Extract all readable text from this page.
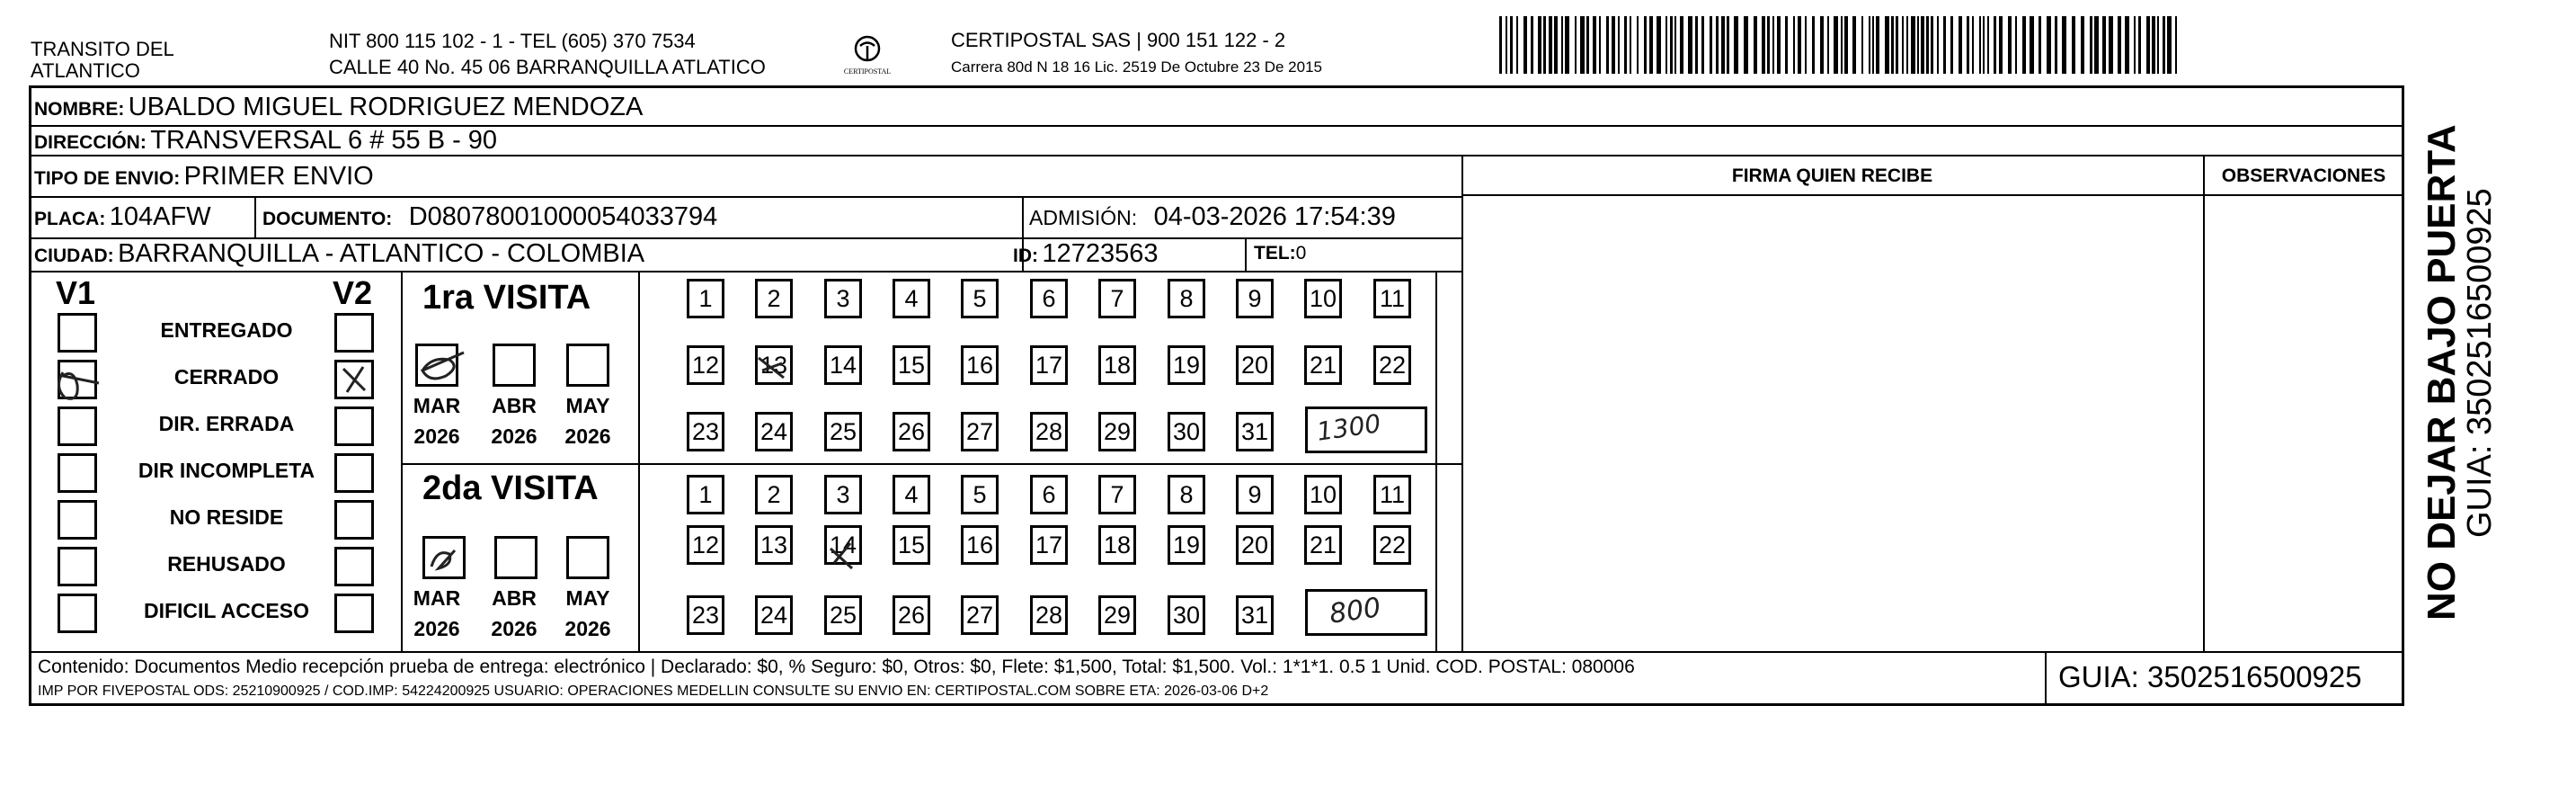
TRANSITO DEL
ATLANTICO
NIT 800 115 102 - 1 - TEL (605) 370 7534
CALLE 40 No. 45 06 BARRANQUILLA ATLATICO	CERTIPOSTAL
CERTIPOSTAL SAS | 900 151 122 - 2
Carrera 80d N 18 16 Lic. 2519 De Octubre 23 De 2015
NOMBRE: UBALDO MIGUEL RODRIGUEZ MENDOZA
DIRECCIÓN: TRANSVERSAL 6 # 55 B - 90
TIPO DE ENVIO: PRIMER ENVIO
PLACA: 104AFW	DOCUMENTO: D08078001000054033794	ADMISIÓN: 04-03-2026 17:54:39
CIUDAD: BARRANQUILLA - ATLANTICO - COLOMBIA	ID: 12723563	TEL:0
FIRMA QUIEN RECIBE	OBSERVACIONES
V1	V2
ENTREGADO
CERRADO
DIR. ERRADA
DIR INCOMPLETA
NO RESIDE
REHUSADO
DIFICIL ACCESO
1ra VISITA
2da VISITA
MAR	ABR	MAY
2026	2026	2026
MAR	ABR	MAY
2026	2026	2026
1	2	3	4	5	6	7	8	9	10 11
12 13 14 15 16 17 18 19 20 21 22
23 24 25 26 27 28 29 30 31
1	2	3	4	5	6	7	8	9	10 11
12 13 14 15 16 17 18 19 20 21 22
23 24 25 26 27 28 29 30 31
1300
800
Contenido: Documentos Medio recepción prueba de entrega: electrónico | Declarado: $0, % Seguro: $0, Otros: $0, Flete: $1,500, Total: $1,500. Vol.: 1*1*1. 0.5 1 Unid. COD. POSTAL: 080006
IMP POR FIVEPOSTAL ODS: 25210900925 / COD.IMP: 54224200925 USUARIO: OPERACIONES MEDELLIN CONSULTE SU ENVIO EN: CERTIPOSTAL.COM SOBRE ETA: 2026-03-06 D+2	GUIA: 3502516500925
NO DEJAR BAJO PUERTA
GUIA: 3502516500925
